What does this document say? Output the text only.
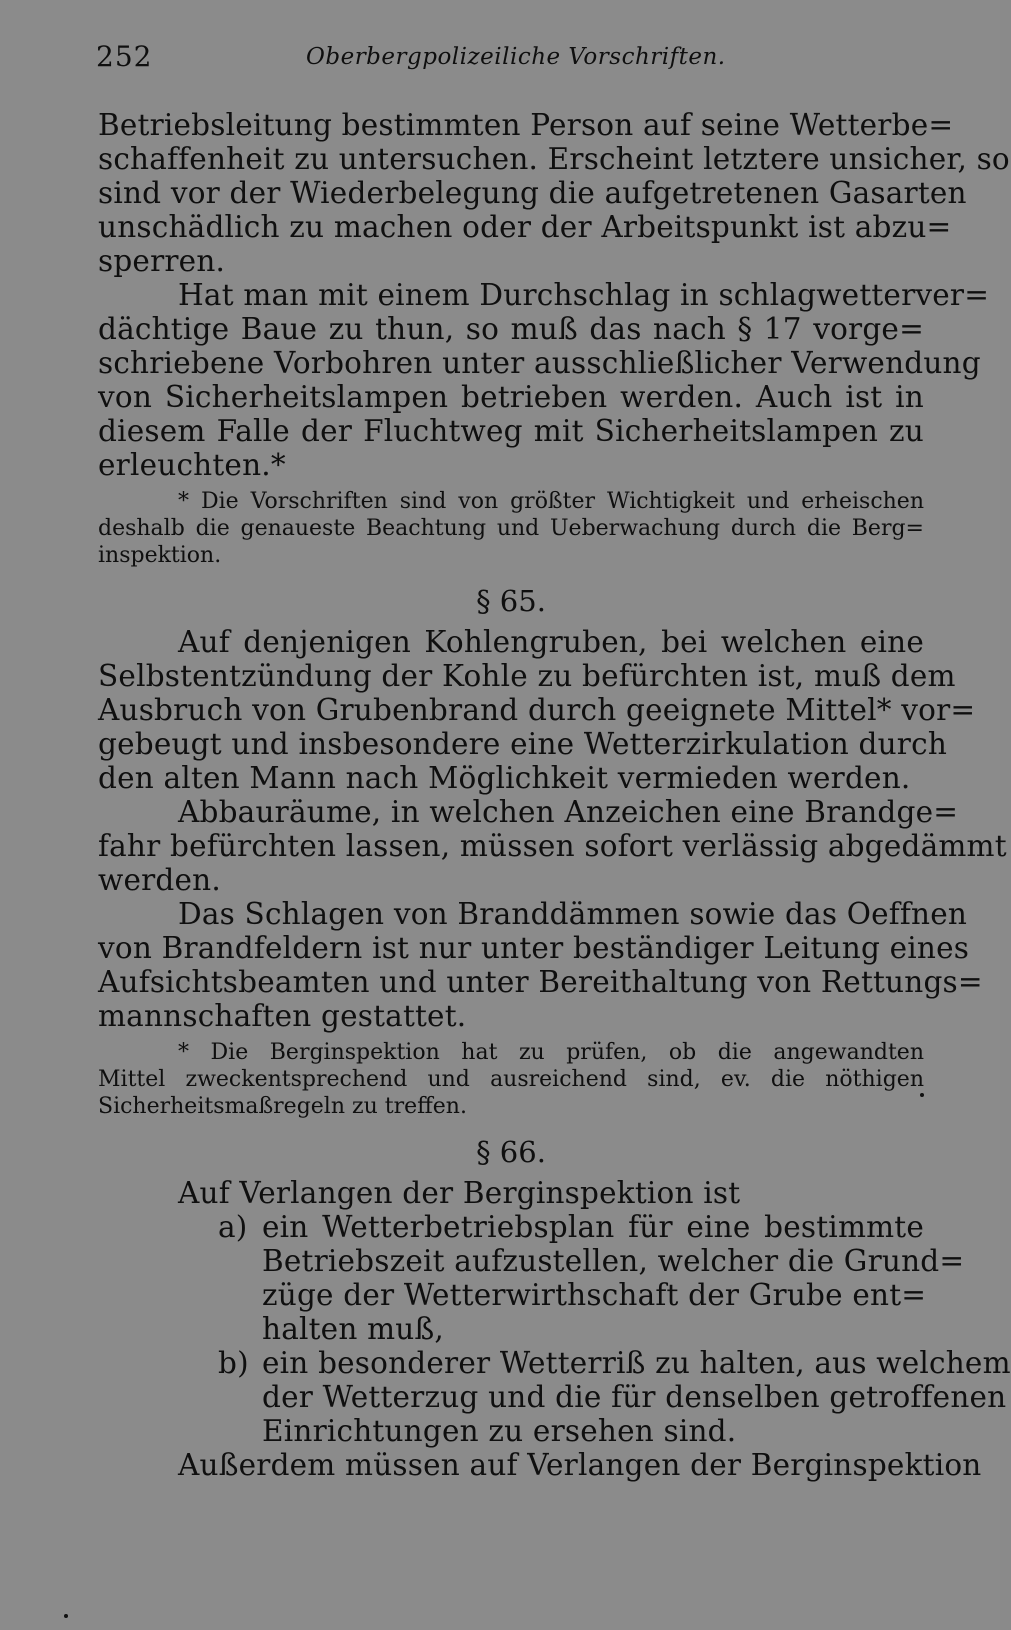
252	Oberbergpolizeiliche Vorschriften.
Betriebsleitung bestimmten Person auf seine Wetterbe=
schaffenheit zu untersuchen. Erscheint letztere unsicher, so
sind vor der Wiederbelegung die aufgetretenen Gasarten
unschädlich zu machen oder der Arbeitspunkt ist abzu=
sperren.
Hat man mit einem Durchschlag in schlagwetterver=
dächtige Baue zu thun, so muß das nach § 17 vorge=
schriebene Vorbohren unter ausschließlicher Verwendung
von Sicherheitslampen betrieben werden. Auch ist in
diesem Falle der Fluchtweg mit Sicherheitslampen zu
erleuchten.*
* Die Vorschriften sind von größter Wichtigkeit und erheischen
deshalb die genaueste Beachtung und Ueberwachung durch die Berg=
inspektion.
§ 65.
Auf denjenigen Kohlengruben, bei welchen eine
Selbstentzündung der Kohle zu befürchten ist, muß dem
Ausbruch von Grubenbrand durch geeignete Mittel* vor=
gebeugt und insbesondere eine Wetterzirkulation durch
den alten Mann nach Möglichkeit vermieden werden.
Abbauräume, in welchen Anzeichen eine Brandge=
fahr befürchten lassen, müssen sofort verlässig abgedämmt
werden.
Das Schlagen von Branddämmen sowie das Oeffnen
von Brandfeldern ist nur unter beständiger Leitung eines
Aufsichtsbeamten und unter Bereithaltung von Rettungs=
mannschaften gestattet.
* Die Berginspektion hat zu prüfen, ob die angewandten
Mittel zweckentsprechend und ausreichend sind, ev. die nöthigen
Sicherheitsmaßregeln zu treffen.
§ 66.
Auf Verlangen der Berginspektion ist
a) ein Wetterbetriebsplan für eine bestimmte
Betriebszeit aufzustellen, welcher die Grund=
züge der Wetterwirthschaft der Grube ent=
halten muß,
b) ein besonderer Wetterriß zu halten, aus welchem
der Wetterzug und die für denselben getroffenen
Einrichtungen zu ersehen sind.
Außerdem müssen auf Verlangen der Berginspektion
